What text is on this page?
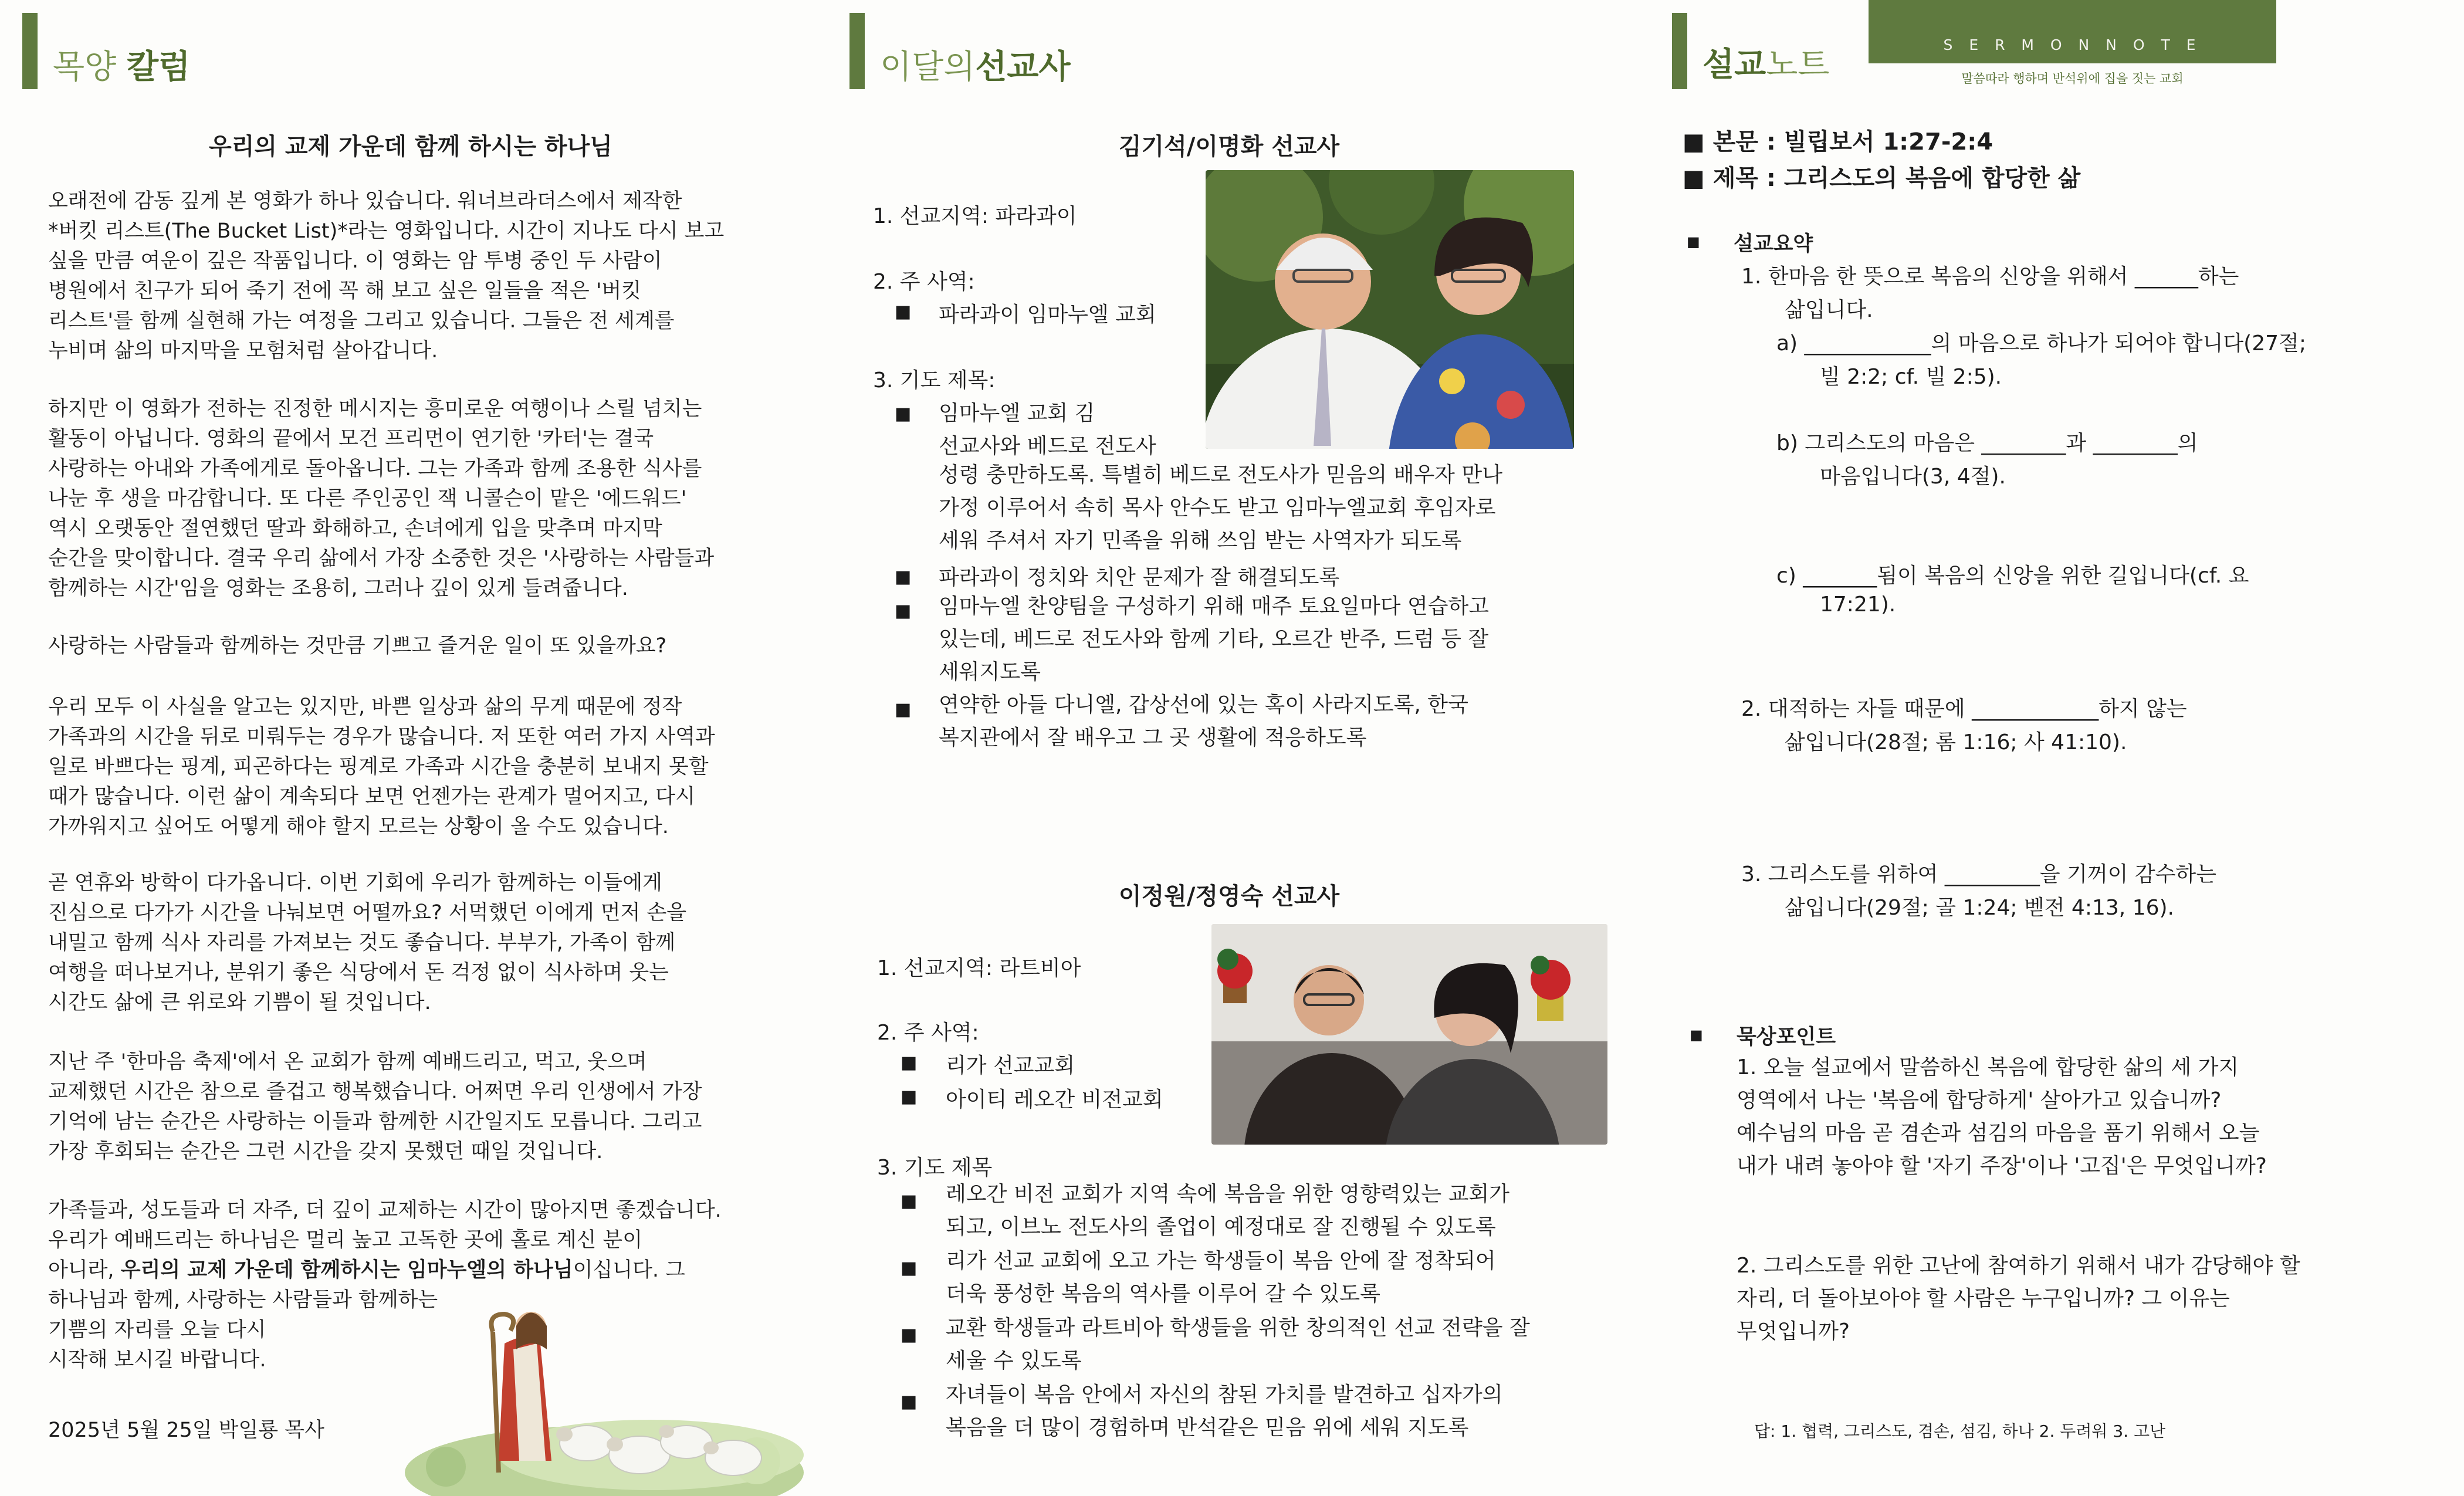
목양 칼럼
우리의 교제 가운데 함께 하시는 하나님
오래전에 감동 깊게 본 영화가 하나 있습니다. 워너브라더스에서 제작한
*버킷 리스트(The Bucket List)*라는 영화입니다. 시간이 지나도 다시 보고
싶을 만큼 여운이 깊은 작품입니다. 이 영화는 암 투병 중인 두 사람이
병원에서 친구가 되어 죽기 전에 꼭 해 보고 싶은 일들을 적은 '버킷
리스트'를 함께 실현해 가는 여정을 그리고 있습니다. 그들은 전 세계를
누비며 삶의 마지막을 모험처럼 살아갑니다.
하지만 이 영화가 전하는 진정한 메시지는 흥미로운 여행이나 스릴 넘치는
활동이 아닙니다. 영화의 끝에서 모건 프리먼이 연기한 '카터'는 결국
사랑하는 아내와 가족에게로 돌아옵니다. 그는 가족과 함께 조용한 식사를
나눈 후 생을 마감합니다. 또 다른 주인공인 잭 니콜슨이 맡은 '에드워드'
역시 오랫동안 절연했던 딸과 화해하고, 손녀에게 입을 맞추며 마지막
순간을 맞이합니다. 결국 우리 삶에서 가장 소중한 것은 '사랑하는 사람들과
함께하는 시간'임을 영화는 조용히, 그러나 깊이 있게 들려줍니다.
사랑하는 사람들과 함께하는 것만큼 기쁘고 즐거운 일이 또 있을까요?
우리 모두 이 사실을 알고는 있지만, 바쁜 일상과 삶의 무게 때문에 정작
가족과의 시간을 뒤로 미뤄두는 경우가 많습니다. 저 또한 여러 가지 사역과
일로 바쁘다는 핑계, 피곤하다는 핑계로 가족과 시간을 충분히 보내지 못할
때가 많습니다. 이런 삶이 계속되다 보면 언젠가는 관계가 멀어지고, 다시
가까워지고 싶어도 어떻게 해야 할지 모르는 상황이 올 수도 있습니다.
곧 연휴와 방학이 다가옵니다. 이번 기회에 우리가 함께하는 이들에게
진심으로 다가가 시간을 나눠보면 어떨까요? 서먹했던 이에게 먼저 손을
내밀고 함께 식사 자리를 가져보는 것도 좋습니다. 부부가, 가족이 함께
여행을 떠나보거나, 분위기 좋은 식당에서 돈 걱정 없이 식사하며 웃는
시간도 삶에 큰 위로와 기쁨이 될 것입니다.
지난 주 '한마음 축제'에서 온 교회가 함께 예배드리고, 먹고, 웃으며
교제했던 시간은 참으로 즐겁고 행복했습니다. 어쩌면 우리 인생에서 가장
기억에 남는 순간은 사랑하는 이들과 함께한 시간일지도 모릅니다. 그리고
가장 후회되는 순간은 그런 시간을 갖지 못했던 때일 것입니다.
가족들과, 성도들과 더 자주, 더 깊이 교제하는 시간이 많아지면 좋겠습니다.
우리가 예배드리는 하나님은 멀리 높고 고독한 곳에 홀로 계신 분이
아니라, 우리의 교제 가운데 함께하시는 임마누엘의 하나님이십니다. 그
하나님과 함께, 사랑하는 사람들과 함께하는
기쁨의 자리를 오늘 다시
시작해 보시길 바랍니다.
2025년 5월 25일 박일룡 목사
이달의선교사
김기석/이명화 선교사
1. 선교지역: 파라과이
2. 주 사역:
■ 파라과이 임마누엘 교회
3. 기도 제목:
■ 임마누엘 교회 김
선교사와 베드로 전도사
성령 충만하도록. 특별히 베드로 전도사가 믿음의 배우자 만나
가정 이루어서 속히 목사 안수도 받고 임마누엘교회 후임자로
세워 주셔서 자기 민족을 위해 쓰임 받는 사역자가 되도록
■ 파라과이 정치와 치안 문제가 잘 해결되도록
■ 임마누엘 찬양팀을 구성하기 위해 매주 토요일마다 연습하고
있는데, 베드로 전도사와 함께 기타, 오르간 반주, 드럼 등 잘
세워지도록
■ 연약한 아들 다니엘, 갑상선에 있는 혹이 사라지도록, 한국
복지관에서 잘 배우고 그 곳 생활에 적응하도록
이정원/정영숙 선교사
1. 선교지역: 라트비아
2. 주 사역:
■ 리가 선교교회
■ 아이티 레오간 비전교회
3. 기도 제목
■ 레오간 비전 교회가 지역 속에 복음을 위한 영향력있는 교회가
되고, 이브노 전도사의 졸업이 예정대로 잘 진행될 수 있도록
■ 리가 선교 교회에 오고 가는 학생들이 복음 안에 잘 정착되어
더욱 풍성한 복음의 역사를 이루어 갈 수 있도록
■ 교환 학생들과 라트비아 학생들을 위한 창의적인 선교 전략을 잘
세울 수 있도록
■ 자녀들이 복음 안에서 자신의 참된 가치를 발견하고 십자가의
복음을 더 많이 경험하며 반석같은 믿음 위에 세워 지도록
설교노트
S E R M O N N O T E
말씀따라 행하며 반석위에 집을 짓는 교회
■ 본문 : 빌립보서 1:27-2:4
■ 제목 : 그리스도의 복음에 합당한 삶
■ 설교요약
1. 한마음 한 뜻으로 복음의 신앙을 위해서 ______하는
삶입니다.
a) ____________의 마음으로 하나가 되어야 합니다(27절;
빌 2:2; cf. 빌 2:5).
b) 그리스도의 마음은 ________과 ________의
마음입니다(3, 4절).
c) _______됨이 복음의 신앙을 위한 길입니다(cf. 요
17:21).
2. 대적하는 자들 때문에 ____________하지 않는
삶입니다(28절; 롬 1:16; 사 41:10).
3. 그리스도를 위하여 _________을 기꺼이 감수하는
삶입니다(29절; 골 1:24; 벧전 4:13, 16).
■ 묵상포인트
1. 오늘 설교에서 말씀하신 복음에 합당한 삶의 세 가지
영역에서 나는 '복음에 합당하게' 살아가고 있습니까?
예수님의 마음 곧 겸손과 섬김의 마음을 품기 위해서 오늘
내가 내려 놓아야 할 '자기 주장'이나 '고집'은 무엇입니까?
2. 그리스도를 위한 고난에 참여하기 위해서 내가 감당해야 할
자리, 더 돌아보아야 할 사람은 누구입니까? 그 이유는
무엇입니까?
답: 1. 협력, 그리스도, 겸손, 섬김, 하나 2. 두려워 3. 고난
